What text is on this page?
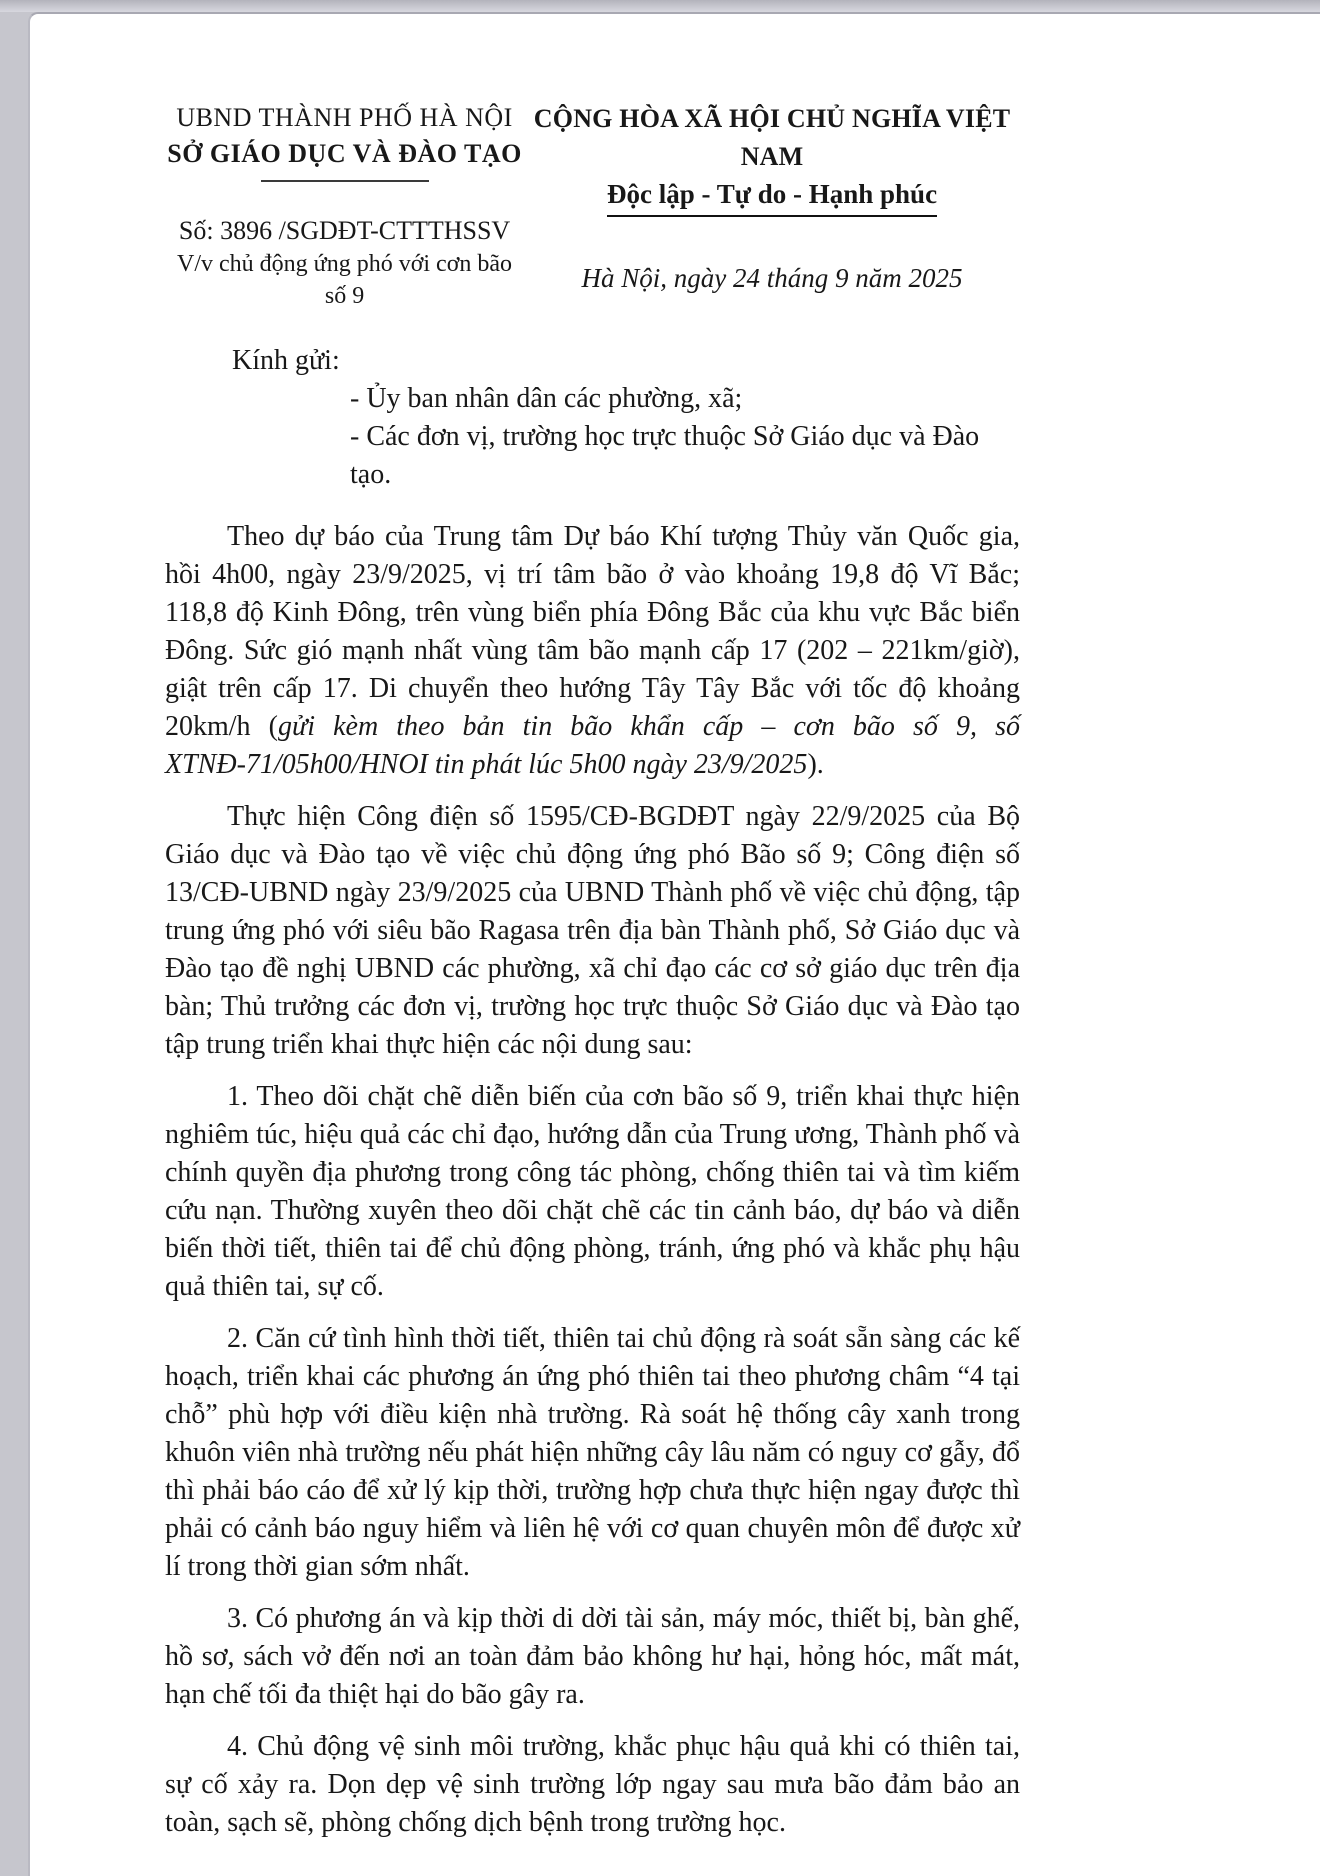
UBND THÀNH PHỐ HÀ NỘI
SỞ GIÁO DỤC VÀ ĐÀO TẠO
Số: 3896 /SGDĐT-CTTTHSSV
V/v chủ động ứng phó với cơn bão số 9
CỘNG HÒA XÃ HỘI CHỦ NGHĨA VIỆT NAM
Độc lập - Tự do - Hạnh phúc
Hà Nội, ngày 24 tháng 9 năm 2025
Kính gửi:
- Ủy ban nhân dân các phường, xã;
- Các đơn vị, trường học trực thuộc Sở Giáo dục và Đào tạo.

Theo dự báo của Trung tâm Dự báo Khí tượng Thủy văn Quốc gia, hồi 4h00, ngày 23/9/2025, vị trí tâm bão ở vào khoảng 19,8 độ Vĩ Bắc; 118,8 độ Kinh Đông, trên vùng biển phía Đông Bắc của khu vực Bắc biển Đông. Sức gió mạnh nhất vùng tâm bão mạnh cấp 17 (202 – 221km/giờ), giật trên cấp 17. Di chuyển theo hướng Tây Tây Bắc với tốc độ khoảng 20km/h (gửi kèm theo bản tin bão khẩn cấp – cơn bão số 9, số XTNĐ-71/05h00/HNOI tin phát lúc 5h00 ngày 23/9/2025).

Thực hiện Công điện số 1595/CĐ-BGDĐT ngày 22/9/2025 của Bộ Giáo dục và Đào tạo về việc chủ động ứng phó Bão số 9; Công điện số 13/CĐ-UBND ngày 23/9/2025 của UBND Thành phố về việc chủ động, tập trung ứng phó với siêu bão Ragasa trên địa bàn Thành phố, Sở Giáo dục và Đào tạo đề nghị UBND các phường, xã chỉ đạo các cơ sở giáo dục trên địa bàn; Thủ trưởng các đơn vị, trường học trực thuộc Sở Giáo dục và Đào tạo tập trung triển khai thực hiện các nội dung sau:

1. Theo dõi chặt chẽ diễn biến của cơn bão số 9, triển khai thực hiện nghiêm túc, hiệu quả các chỉ đạo, hướng dẫn của Trung ương, Thành phố và chính quyền địa phương trong công tác phòng, chống thiên tai và tìm kiếm cứu nạn. Thường xuyên theo dõi chặt chẽ các tin cảnh báo, dự báo và diễn biến thời tiết, thiên tai để chủ động phòng, tránh, ứng phó và khắc phụ hậu quả thiên tai, sự cố.

2. Căn cứ tình hình thời tiết, thiên tai chủ động rà soát sẵn sàng các kế hoạch, triển khai các phương án ứng phó thiên tai theo phương châm “4 tại chỗ” phù hợp với điều kiện nhà trường. Rà soát hệ thống cây xanh trong khuôn viên nhà trường nếu phát hiện những cây lâu năm có nguy cơ gẫy, đổ thì phải báo cáo để xử lý kịp thời, trường hợp chưa thực hiện ngay được thì phải có cảnh báo nguy hiểm và liên hệ với cơ quan chuyên môn để được xử lí trong thời gian sớm nhất.

3. Có phương án và kịp thời di dời tài sản, máy móc, thiết bị, bàn ghế, hồ sơ, sách vở đến nơi an toàn đảm bảo không hư hại, hỏng hóc, mất mát, hạn chế tối đa thiệt hại do bão gây ra.

4. Chủ động vệ sinh môi trường, khắc phục hậu quả khi có thiên tai, sự cố xảy ra. Dọn dẹp vệ sinh trường lớp ngay sau mưa bão đảm bảo an toàn, sạch sẽ, phòng chống dịch bệnh trong trường học.
